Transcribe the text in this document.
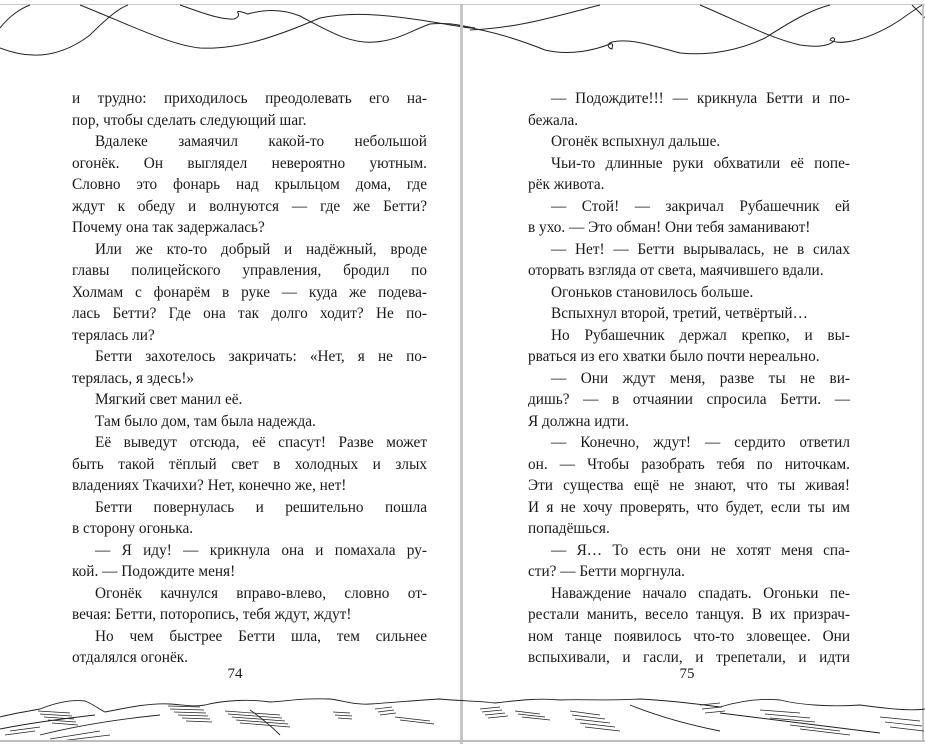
и трудно: приходилось преодолевать его на-
пор, чтобы сделать следующий шаг.
Вдалеке замаячил какой-то небольшой
огонёк. Он выглядел невероятно уютным.
Словно это фонарь над крыльцом дома, где
ждут к обеду и волнуются — где же Бетти?
Почему она так задержалась?
Или же кто-то добрый и надёжный, вроде
главы полицейского управления, бродил по
Холмам с фонарём в руке — куда же подева-
лась Бетти? Где она так долго ходит? Не по-
терялась ли?
Бетти захотелось закричать: «Нет, я не по-
терялась, я здесь!»
Мягкий свет манил её.
Там было дом, там была надежда.
Её выведут отсюда, её спасут! Разве может
быть такой тёплый свет в холодных и злых
владениях Ткачихи? Нет, конечно же, нет!
Бетти повернулась и решительно пошла
в сторону огонька.
— Я иду! — крикнула она и помахала ру-
кой. — Подождите меня!
Огонёк качнулся вправо-влево, словно от-
вечая: Бетти, поторопись, тебя ждут, ждут!
Но чем быстрее Бетти шла, тем сильнее
отдалялся огонёк.
— Подождите!!! — крикнула Бетти и по-
бежала.
Огонёк вспыхнул дальше.
Чьи-то длинные руки обхватили её попе-
рёк живота.
— Стой! — закричал Рубашечник ей
в ухо. — Это обман! Они тебя заманивают!
— Нет! — Бетти вырывалась, не в силах
оторвать взгляда от света, маячившего вдали.
Огоньков становилось больше.
Вспыхнул второй, третий, четвёртый…
Но Рубашечник держал крепко, и вы-
рваться из его хватки было почти нереально.
— Они ждут меня, разве ты не ви-
дишь? — в отчаянии спросила Бетти. —
Я должна идти.
— Конечно, ждут! — сердито ответил
он. — Чтобы разобрать тебя по ниточкам.
Эти существа ещё не знают, что ты живая!
И я не хочу проверять, что будет, если ты им
попадёшься.
— Я… То есть они не хотят меня спа-
сти? — Бетти моргнула.
Наваждение начало спадать. Огоньки пе-
рестали манить, весело танцуя. В их призрач-
ном танце появилось что-то зловещее. Они
вспыхивали, и гасли, и трепетали, и идти
74	75
